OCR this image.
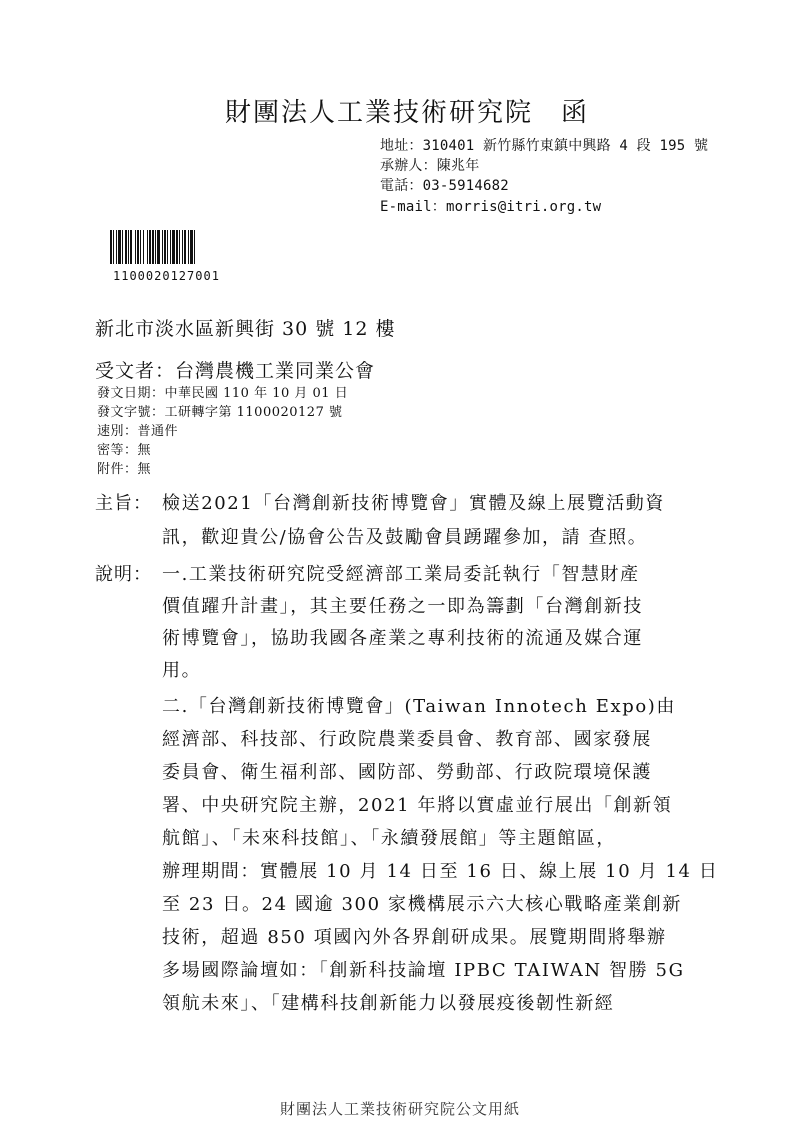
財團法人工業技術研究院 函
地址：310401 新竹縣竹東鎮中興路 4 段 195 號
承辦人：陳兆年
電話：03-5914682
E-mail：morris@itri.org.tw
1100020127001
新北市淡水區新興街 30 號 12 樓
受文者：台灣農機工業同業公會
發文日期：中華民國 110 年 10 月 01 日
發文字號：工研轉字第 1100020127 號
速別：普通件
密等：無
附件：無
主旨： 檢送2021「台灣創新技術博覽會」實體及線上展覽活動資
訊，歡迎貴公/協會公告及鼓勵會員踴躍參加，請 查照。
說明： 一.工業技術研究院受經濟部工業局委託執行「智慧財產
價值躍升計畫」，其主要任務之一即為籌劃「台灣創新技
術博覽會」，協助我國各產業之專利技術的流通及媒合運
用。
二.「台灣創新技術博覽會」(Taiwan Innotech Expo)由
經濟部、科技部、行政院農業委員會、教育部、國家發展
委員會、衛生福利部、國防部、勞動部、行政院環境保護
署、中央研究院主辦，2021 年將以實虛並行展出「創新領
航館」、「未來科技館」、「永續發展館」等主題館區，
辦理期間：實體展 10 月 14 日至 16 日、線上展 10 月 14 日
至 23 日。24 國逾 300 家機構展示六大核心戰略產業創新
技術，超過 850 項國內外各界創研成果。展覽期間將舉辦
多場國際論壇如：「創新科技論壇 IPBC TAIWAN 智勝 5G
領航未來」、「建構科技創新能力以發展疫後韌性新經
財團法人工業技術研究院公文用紙
